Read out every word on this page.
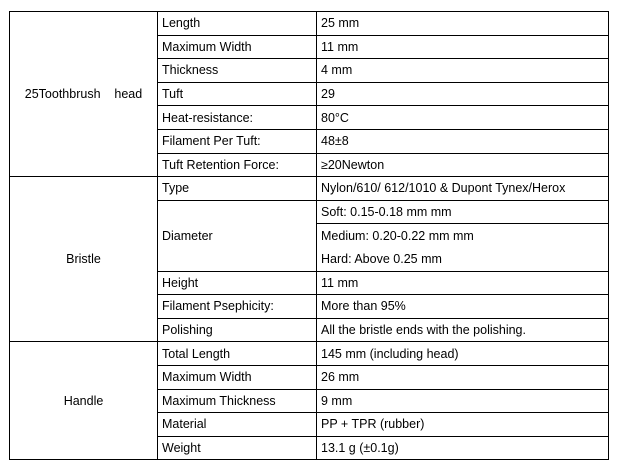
25Toothbrush    head	Length	25 mm
	Maximum Width	11 mm
	Thickness	4 mm
	Tuft	29
	Heat-resistance:	80°C
	Filament Per Tuft:	48±8
	Tuft Retention Force:	≥20Newton
Bristle	Type	Nylon/610/ 612/1010 & Dupont Tynex/Herox
	Diameter	Soft: 0.15-0.18 mm mm
		Medium: 0.20-0.22 mm mm
		Hard: Above 0.25 mm
	Height	11 mm
	Filament Psephicity:	More than 95%
	Polishing	All the bristle ends with the polishing.
Handle	Total Length	145 mm (including head)
	Maximum Width	26 mm
	Maximum Thickness	9 mm
	Material	PP + TPR (rubber)
	Weight	13.1 g (±0.1g)
